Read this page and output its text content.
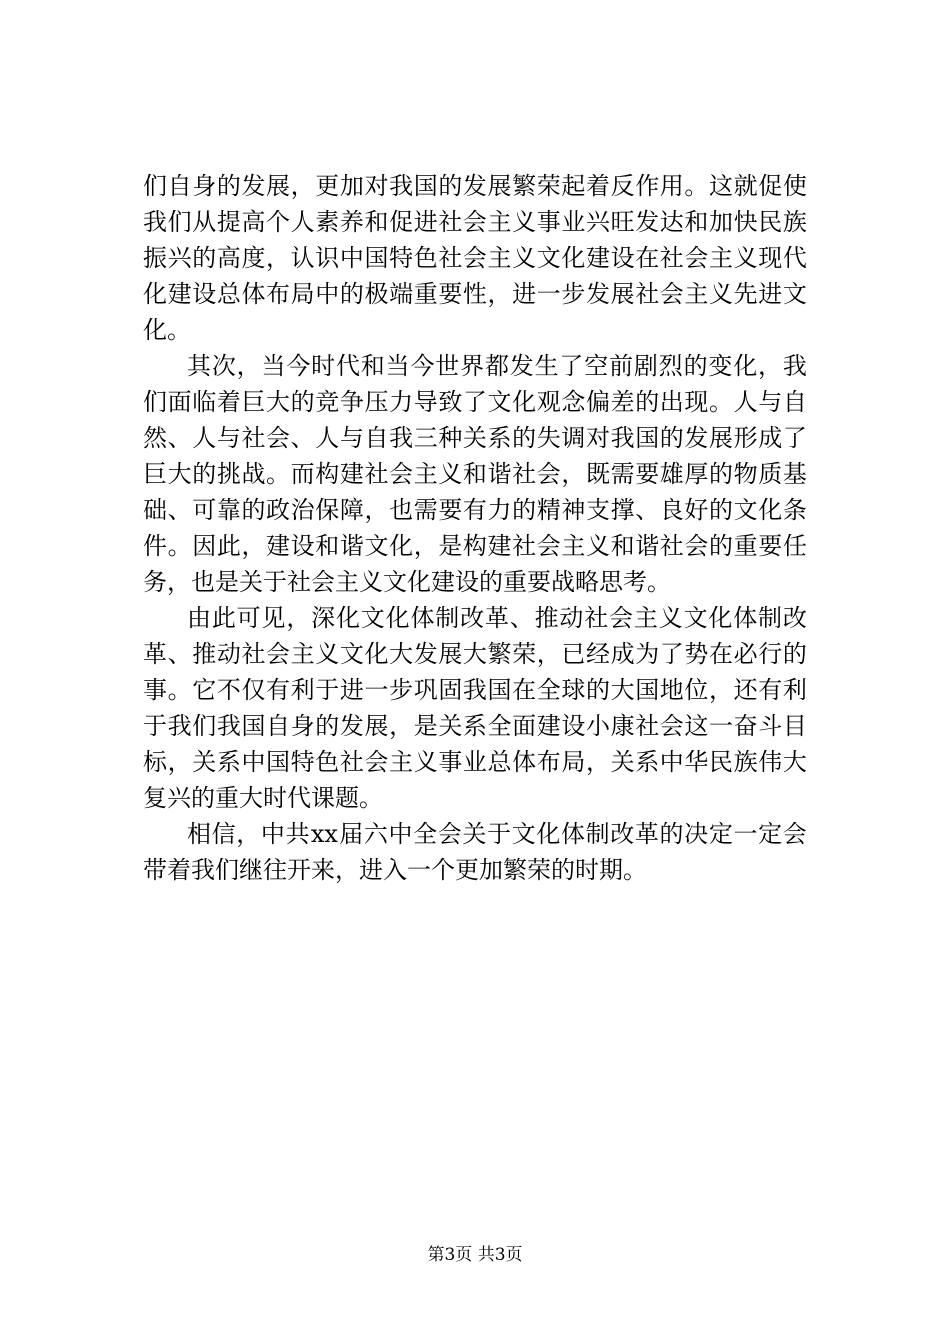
们 自 身 的 发 展 ， 更 加 对 我 国 的 发 展 繁 荣 起 着 反 作 用 。 这 就 促 使
我 们 从 提 高 个 人 素 养 和 促 进 社 会 主 义 事 业 兴 旺 发 达 和 加 快 民 族
振 兴 的 高 度 ， 认 识 中 国 特 色 社 会 主 义 文 化 建 设 在 社 会 主 义 现 代
化 建 设 总 体 布 局 中 的 极 端 重 要 性 ， 进 一 步 发 展 社 会 主 义 先 进 文
化。
其 次 ， 当 今 时 代 和 当 今 世 界 都 发 生 了 空 前 剧 烈 的 变 化 ， 我
们 面 临 着 巨 大 的 竞 争 压 力 导 致 了 文 化 观 念 偏 差 的 出 现 。 人 与 自
然 、 人 与 社 会 、 人 与 自 我 三 种 关 系 的 失 调 对 我 国 的 发 展 形 成 了
巨 大 的 挑 战 。 而 构 建 社 会 主 义 和 谐 社 会 ， 既 需 要 雄 厚 的 物 质 基
础 、 可 靠 的 政 治 保 障 ， 也 需 要 有 力 的 精 神 支 撑 、 良 好 的 文 化 条
件 。 因 此 ， 建 设 和 谐 文 化 ， 是 构 建 社 会 主 义 和 谐 社 会 的 重 要 任
务，也是关于社会主义文化建设的重要战略思考。
由 此 可 见 ， 深 化 文 化 体 制 改 革 、 推 动 社 会 主 义 文 化 体 制 改
革 、 推 动 社 会 主 义 文 化 大 发 展 大 繁 荣 ， 已 经 成 为 了 势 在 必 行 的
事 。 它 不 仅 有 利 于 进 一 步 巩 固 我 国 在 全 球 的 大 国 地 位 ， 还 有 利
于 我 们 我 国 自 身 的 发 展 ， 是 关 系 全 面 建 设 小 康 社 会 这 一 奋 斗 目
标 ， 关 系 中 国 特 色 社 会 主 义 事 业 总 体 布 局 ， 关 系 中 华 民 族 伟 大
复兴的重大时代课题。
相 信 ， 中 共 xx 届 六 中 全 会 关 于 文 化 体 制 改 革 的 决 定 一 定 会
带着我们继往开来，进入一个更加繁荣的时期。
第3页 共3页
